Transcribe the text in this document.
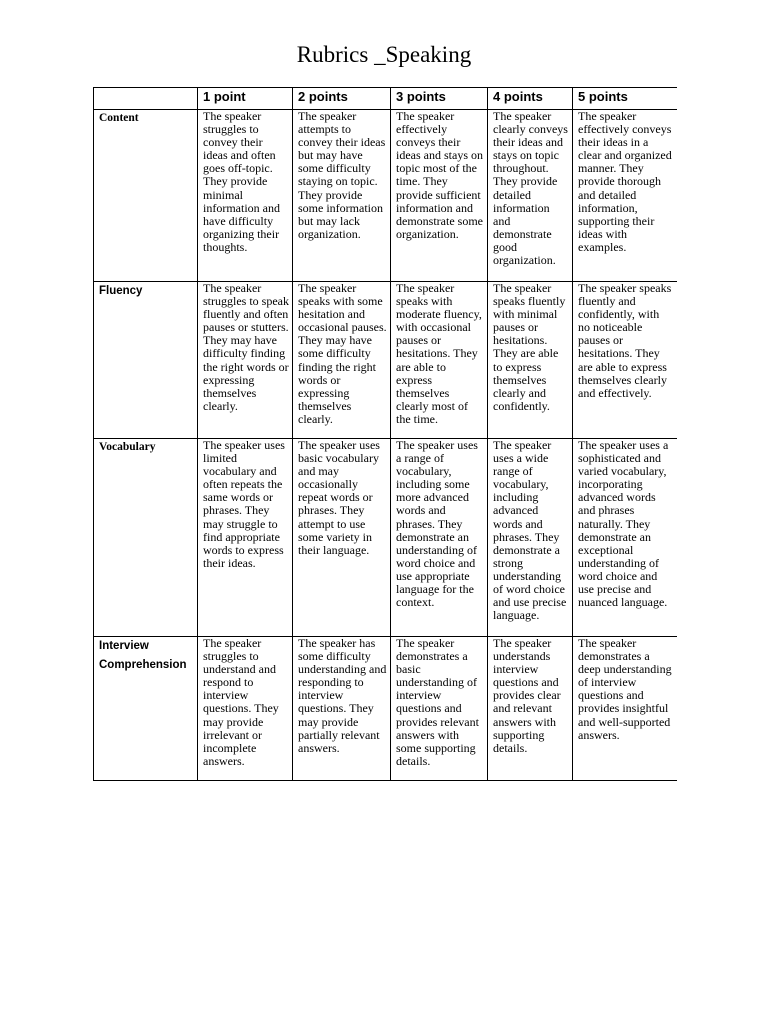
Rubrics _Speaking
	1 point	2 points	3 points	4 points	5 points
Content	The speaker struggles to convey their ideas and often goes off-topic. They provide minimal information and have difficulty organizing their thoughts.	The speaker attempts to convey their ideas but may have some difficulty staying on topic. They provide some information but may lack organization.	The speaker effectively conveys their ideas and stays on topic most of the time. They provide sufficient information and demonstrate some organization.	The speaker clearly conveys their ideas and stays on topic throughout. They provide detailed information and demonstrate good organization.	The speaker effectively conveys their ideas in a clear and organized manner. They provide thorough and detailed information, supporting their ideas with examples.
Fluency	The speaker struggles to speak fluently and often pauses or stutters. They may have difficulty finding the right words or expressing themselves clearly.	The speaker speaks with some hesitation and occasional pauses. They may have some difficulty finding the right words or expressing themselves clearly.	The speaker speaks with moderate fluency, with occasional pauses or hesitations. They are able to express themselves clearly most of the time.	The speaker speaks fluently with minimal pauses or hesitations. They are able to express themselves clearly and confidently.	The speaker speaks fluently and confidently, with no noticeable pauses or hesitations. They are able to express themselves clearly and effectively.
Vocabulary	The speaker uses limited vocabulary and often repeats the same words or phrases. They may struggle to find appropriate words to express their ideas.	The speaker uses basic vocabulary and may occasionally repeat words or phrases. They attempt to use some variety in their language.	The speaker uses a range of vocabulary, including some more advanced words and phrases. They demonstrate an understanding of word choice and use appropriate language for the context.	The speaker uses a wide range of vocabulary, including advanced words and phrases. They demonstrate a strong understanding of word choice and use precise language.	The speaker uses a sophisticated and varied vocabulary, incorporating advanced words and phrases naturally. They demonstrate an exceptional understanding of word choice and use precise and nuanced language.
Interview Comprehension	The speaker struggles to understand and respond to interview questions. They may provide irrelevant or incomplete answers.	The speaker has some difficulty understanding and responding to interview questions. They may provide partially relevant answers.	The speaker demonstrates a basic understanding of interview questions and provides relevant answers with some supporting details.	The speaker understands interview questions and provides clear and relevant answers with supporting details.	The speaker demonstrates a deep understanding of interview questions and provides insightful and well-supported answers.
